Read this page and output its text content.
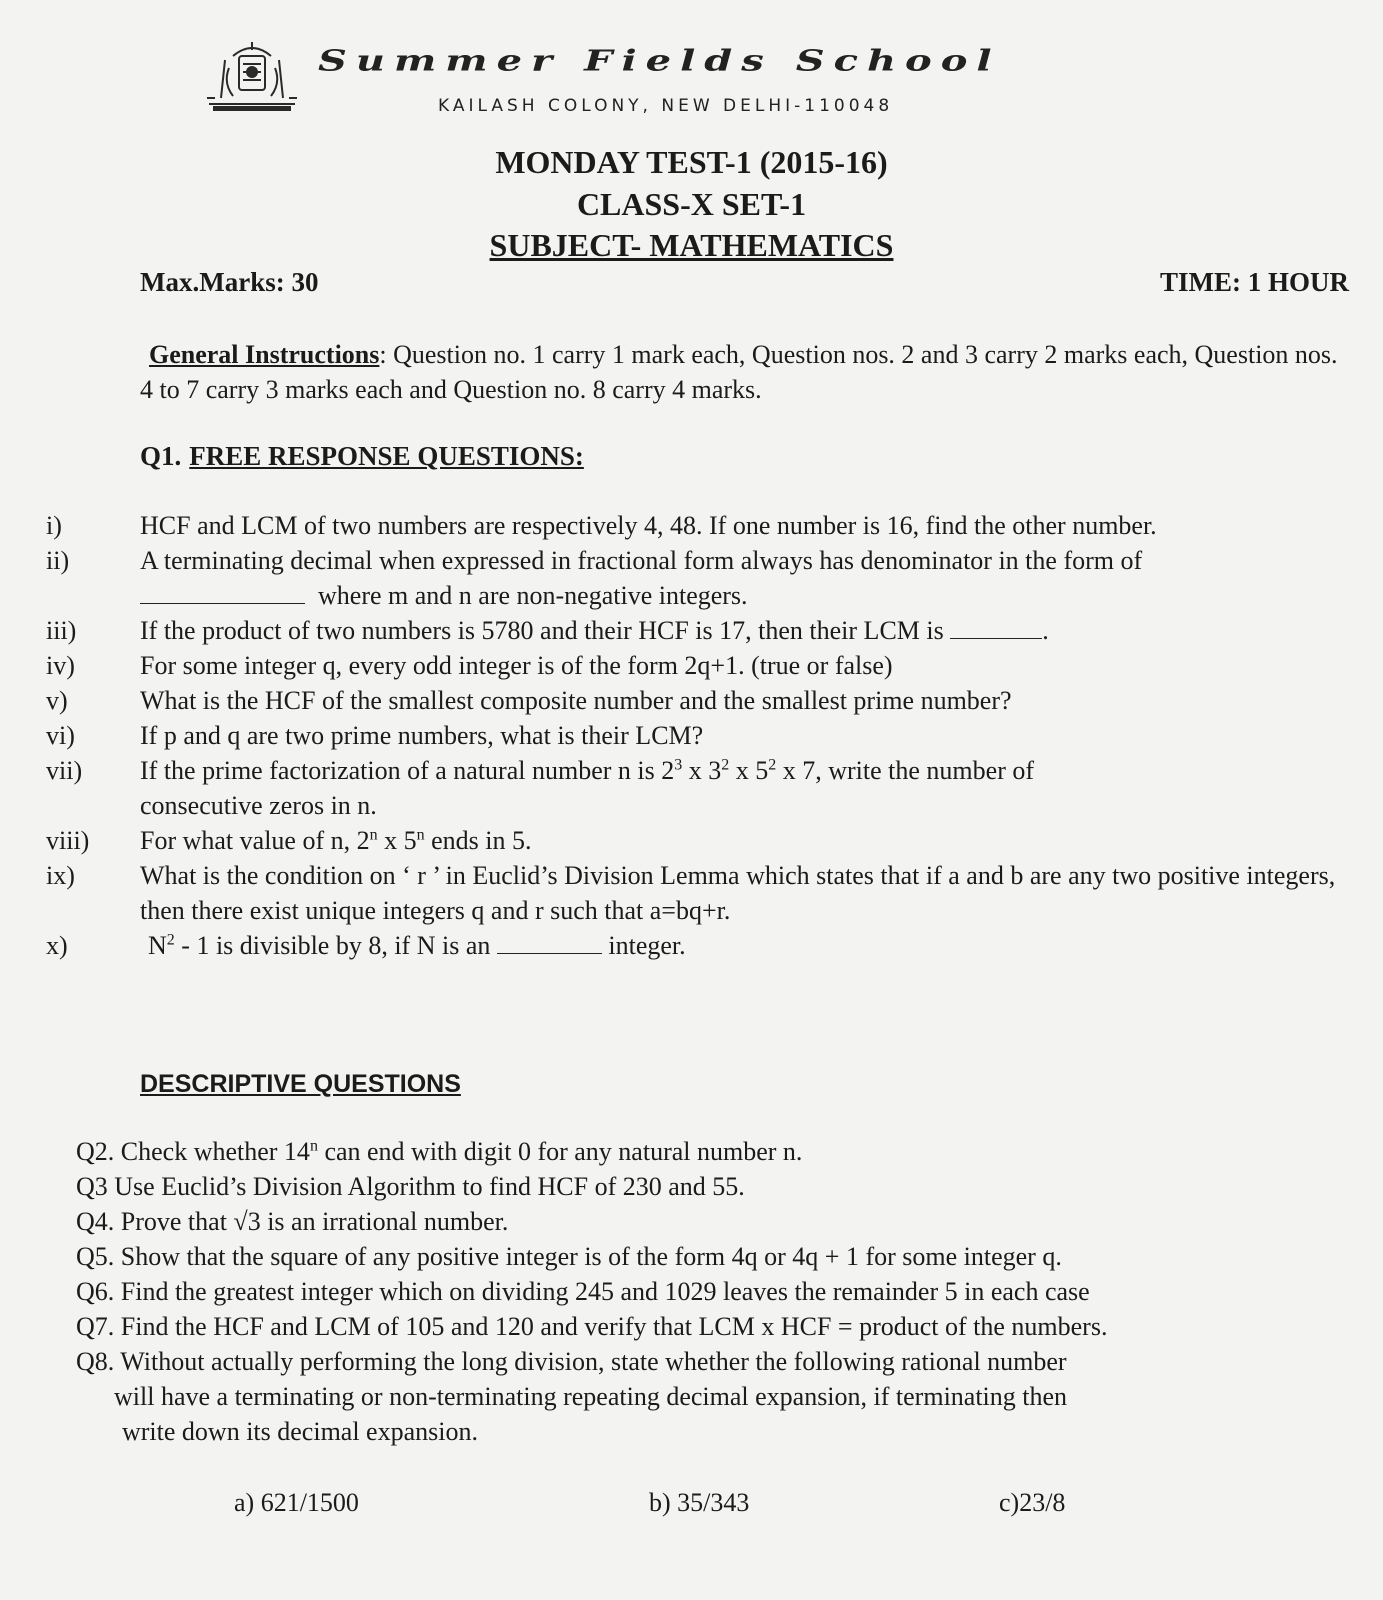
Summer Fields School
KAILASH COLONY, NEW DELHI-110048
MONDAY TEST-1 (2015-16)
CLASS-X SET-1
SUBJECT- MATHEMATICS
Max.Marks: 30	TIME: 1 HOUR
General Instructions: Question no. 1 carry 1 mark each, Question nos. 2 and 3 carry 2 marks each, Question nos. 4 to 7 carry 3 marks each and Question no. 8 carry 4 marks.
Q1. FREE RESPONSE QUESTIONS:
i)	HCF and LCM of two numbers are respectively 4, 48. If one number is 16, find the other number.
ii)	A terminating decimal when expressed in fractional form always has denominator in the form of
where m and n are non-negative integers.
iii)	If the product of two numbers is 5780 and their HCF is 17, then their LCM is	.
iv)	For some integer q, every odd integer is of the form 2q+1. (true or false)
v)	What is the HCF of the smallest composite number and the smallest prime number?
vi)	If p and q are two prime numbers, what is their LCM?
vii)	If the prime factorization of a natural number n is $2^3$ x $3^2$ x $5^2$ x 7, write the number of
consecutive zeros in n.
viii)	For what value of n, 2$^n$ x 5$^n$ ends in 5.
ix)	What is the condition on ‘ r ’ in Euclid’s Division Lemma which states that if a and b are any two positive integers, then there exist unique integers q and r such that a=bq+r.
x)	$N^2 - 1$ is divisible by 8, if N is an	integer.
DESCRIPTIVE QUESTIONS
Q2. Check whether 14$^n$ can end with digit 0 for any natural number n.
Q3 Use Euclid’s Division Algorithm to find HCF of 230 and 55.
Q4. Prove that √3 is an irrational number.
Q5. Show that the square of any positive integer is of the form 4q or 4q + 1 for some integer q.
Q6. Find the greatest integer which on dividing 245 and 1029 leaves the remainder 5 in each case
Q7. Find the HCF and LCM of 105 and 120 and verify that LCM x HCF = product of the numbers.
Q8. Without actually performing the long division, state whether the following rational number
will have a terminating or non-terminating repeating decimal expansion, if terminating then
write down its decimal expansion.
a) 621/1500	b) 35/343	c)23/8
